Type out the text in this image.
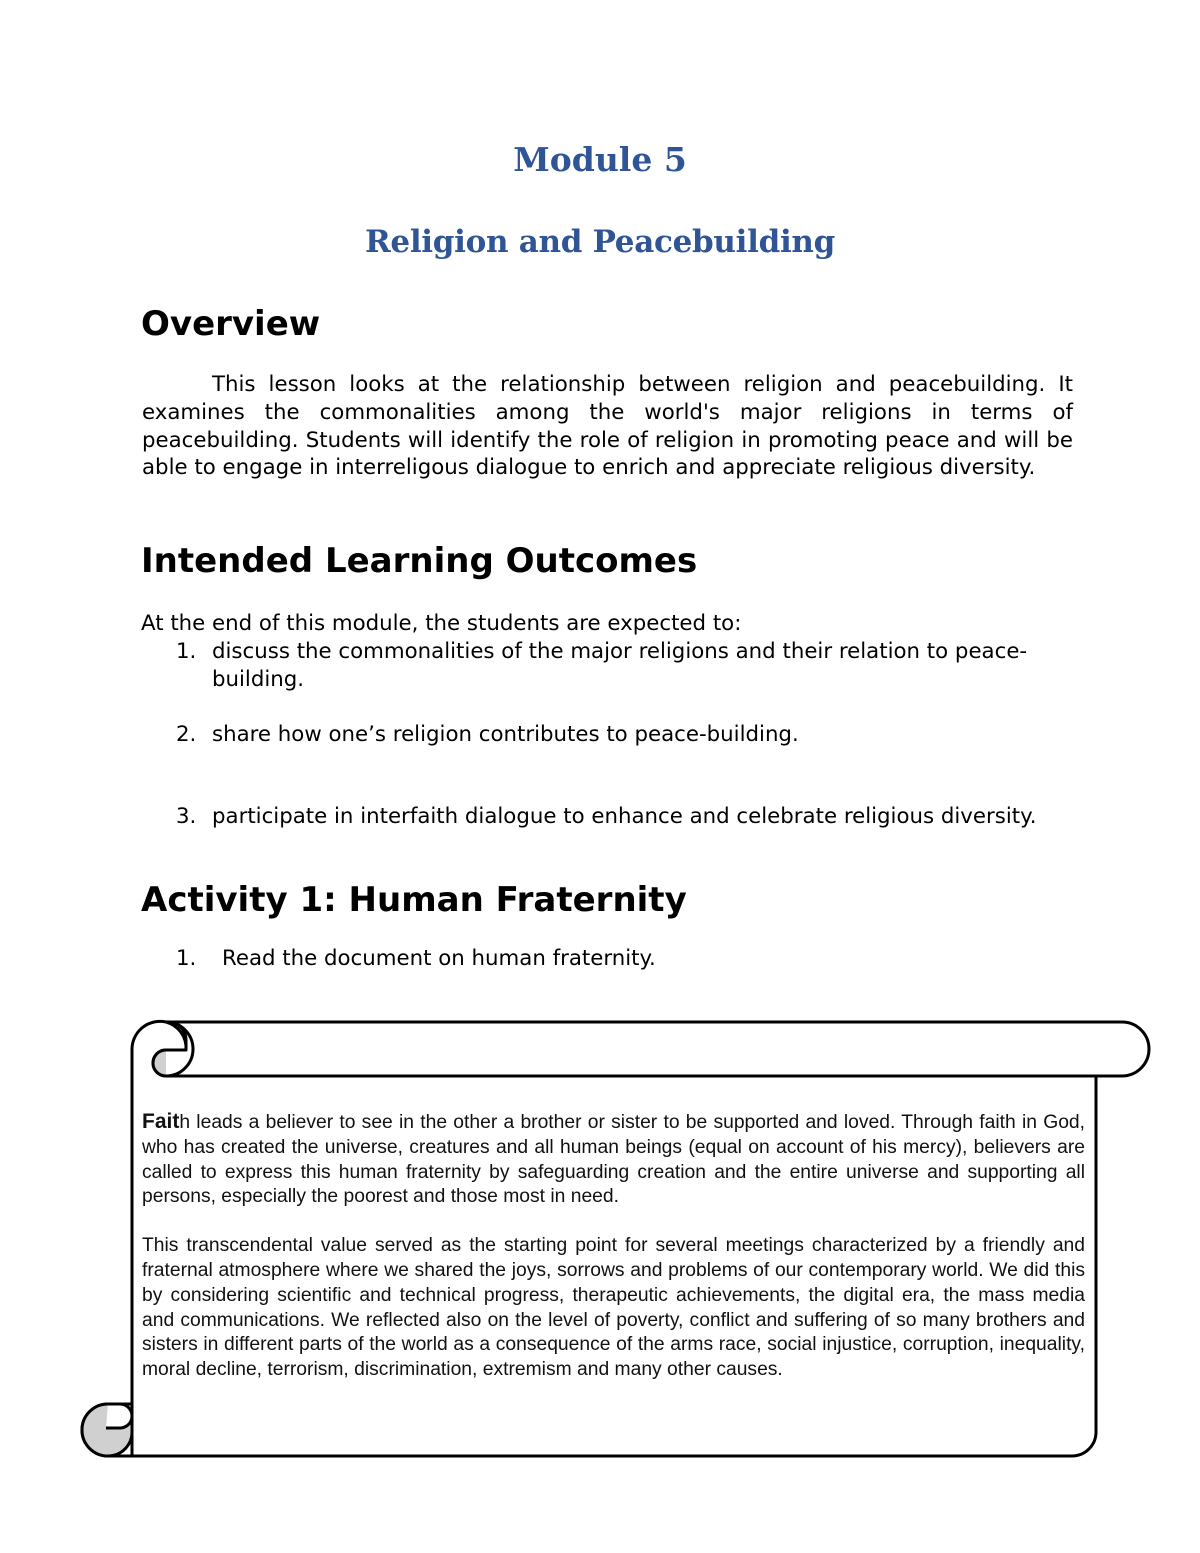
Module 5
Religion and Peacebuilding
Overview

This lesson looks at the relationship between religion and peacebuilding. It examines the commonalities among the world's major religions in terms of peacebuilding. Students will identify the role of religion in promoting peace and will be able to engage in interreligous dialogue to enrich and appreciate religious diversity.

Intended Learning Outcomes

At the end of this module, the students are expected to:

1. discuss the commonalities of the major religions and their relation to peace-building.
2. share how one’s religion contributes to peace-building.
3. participate in interfaith dialogue to enhance and celebrate religious diversity.
Activity 1: Human Fraternity
1. Read the document on human fraternity.

Faith leads a believer to see in the other a brother or sister to be supported and loved. Through faith in God, who has created the universe, creatures and all human beings (equal on account of his mercy), believers are called to express this human fraternity by safeguarding creation and the entire universe and supporting all persons, especially the poorest and those most in need.

This transcendental value served as the starting point for several meetings characterized by a friendly and fraternal atmosphere where we shared the joys, sorrows and problems of our contemporary world. We did this by considering scientific and technical progress, therapeutic achievements, the digital era, the mass media and communications. We reflected also on the level of poverty, conflict and suffering of so many brothers and sisters in different parts of the world as a consequence of the arms race, social injustice, corruption, inequality, moral decline, terrorism, discrimination, extremism and many other causes.
